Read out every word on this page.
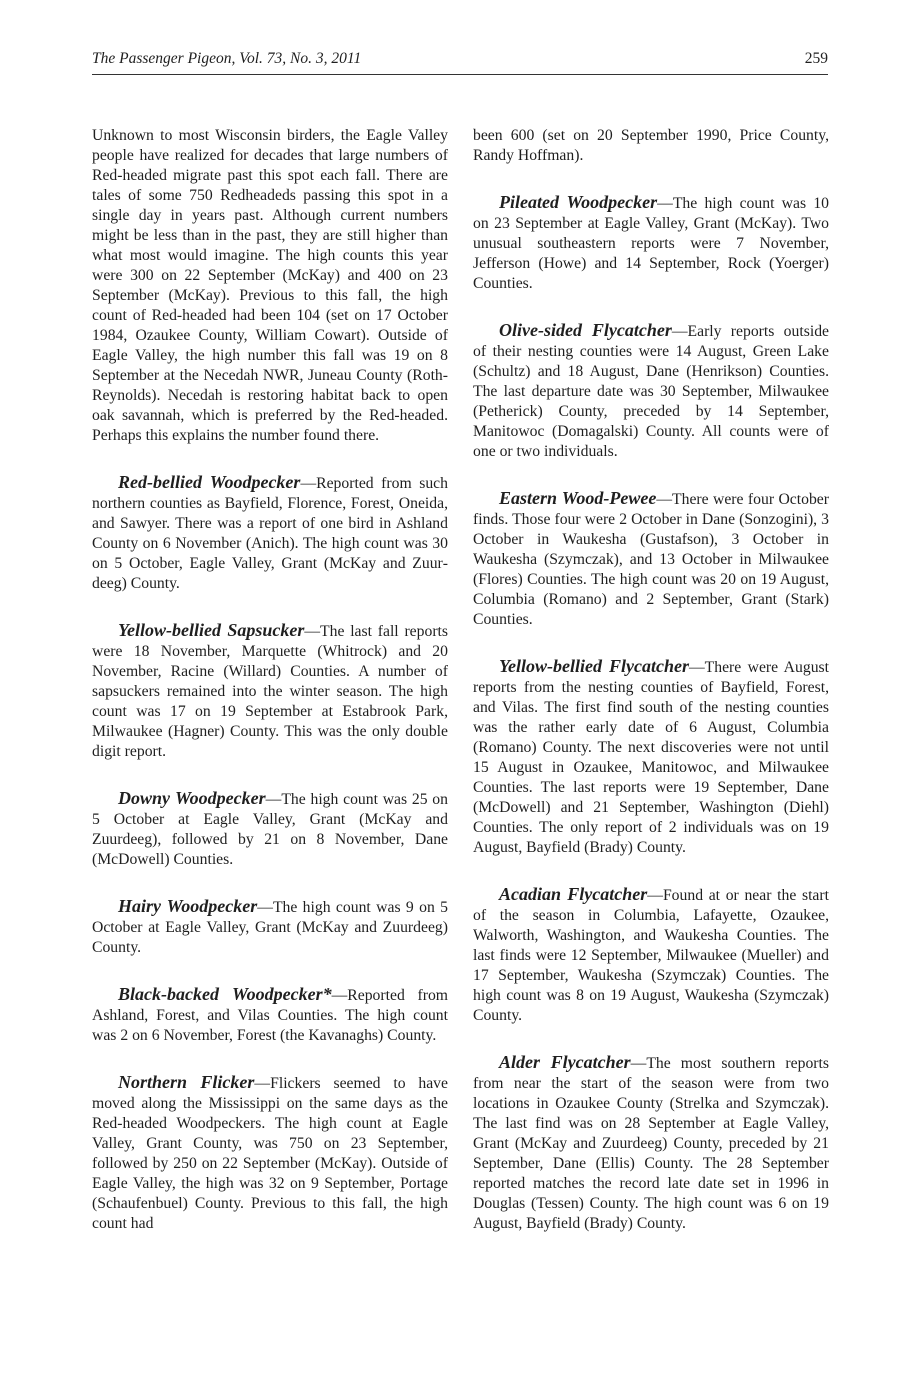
The Passenger Pigeon, Vol. 73, No. 3, 2011	259

Unknown to most Wisconsin birders, the Eagle Valley people have realized for decades that large numbers of Red-headed migrate past this spot each fall. There are tales of some 750 Redheadeds passing this spot in a single day in years past. Although current numbers might be less than in the past, they are still higher than what most would imagine. The high counts this year were 300 on 22 September (McKay) and 400 on 23 September (McKay). Previous to this fall, the high count of Red-headed had been 104 (set on 17 October 1984, Ozaukee County, William Cowart). Outside of Eagle Valley, the high number this fall was 19 on 8 September at the Necedah NWR, Juneau County (Roth-Reynolds). Necedah is restoring habitat back to open oak savannah, which is preferred by the Red-headed. Perhaps this explains the number found there.

Red-bellied Woodpecker—Reported from such northern counties as Bayfield, Florence, Forest, Oneida, and Sawyer. There was a report of one bird in Ashland County on 6 November (Anich). The high count was 30 on 5 October, Eagle Valley, Grant (McKay and Zuurdeeg) County.

Yellow-bellied Sapsucker—The last fall reports were 18 November, Marquette (Whitrock) and 20 November, Racine (Willard) Counties. A number of sapsuckers remained into the winter season. The high count was 17 on 19 September at Estabrook Park, Milwaukee (Hagner) County. This was the only double digit report.

Downy Woodpecker—The high count was 25 on 5 October at Eagle Valley, Grant (McKay and Zuurdeeg), followed by 21 on 8 November, Dane (McDowell) Counties.

Hairy Woodpecker—The high count was 9 on 5 October at Eagle Valley, Grant (McKay and Zuurdeeg) County.

Black-backed Woodpecker*—Reported from Ashland, Forest, and Vilas Counties. The high count was 2 on 6 November, Forest (the Kavanaghs) County.

Northern Flicker—Flickers seemed to have moved along the Mississippi on the same days as the Red-headed Woodpeckers. The high count at Eagle Valley, Grant County, was 750 on 23 September, followed by 250 on 22 September (McKay). Outside of Eagle Valley, the high was 32 on 9 September, Portage (Schaufenbuel) County. Previous to this fall, the high count had

been 600 (set on 20 September 1990, Price County, Randy Hoffman).

Pileated Woodpecker—The high count was 10 on 23 September at Eagle Valley, Grant (McKay). Two unusual southeastern reports were 7 November, Jefferson (Howe) and 14 September, Rock (Yoerger) Counties.

Olive-sided Flycatcher—Early reports outside of their nesting counties were 14 August, Green Lake (Schultz) and 18 August, Dane (Henrikson) Counties. The last departure date was 30 September, Milwaukee (Petherick) County, preceded by 14 September, Manitowoc (Domagalski) County. All counts were of one or two individuals.

Eastern Wood-Pewee—There were four October finds. Those four were 2 October in Dane (Sonzogini), 3 October in Waukesha (Gustafson), 3 October in Waukesha (Szymczak), and 13 October in Milwaukee (Flores) Counties. The high count was 20 on 19 August, Columbia (Romano) and 2 September, Grant (Stark) Counties.

Yellow-bellied Flycatcher—There were August reports from the nesting counties of Bayfield, Forest, and Vilas. The first find south of the nesting counties was the rather early date of 6 August, Columbia (Romano) County. The next discoveries were not until 15 August in Ozaukee, Manitowoc, and Milwaukee Counties. The last reports were 19 September, Dane (McDowell) and 21 September, Washington (Diehl) Counties. The only report of 2 individuals was on 19 August, Bayfield (Brady) County.

Acadian Flycatcher—Found at or near the start of the season in Columbia, Lafayette, Ozaukee, Walworth, Washington, and Waukesha Counties. The last finds were 12 September, Milwaukee (Mueller) and 17 September, Waukesha (Szymczak) Counties. The high count was 8 on 19 August, Waukesha (Szymczak) County.

Alder Flycatcher—The most southern reports from near the start of the season were from two locations in Ozaukee County (Strelka and Szymczak). The last find was on 28 September at Eagle Valley, Grant (McKay and Zuurdeeg) County, preceded by 21 September, Dane (Ellis) County. The 28 September reported matches the record late date set in 1996 in Douglas (Tessen) County. The high count was 6 on 19 August, Bayfield (Brady) County.
